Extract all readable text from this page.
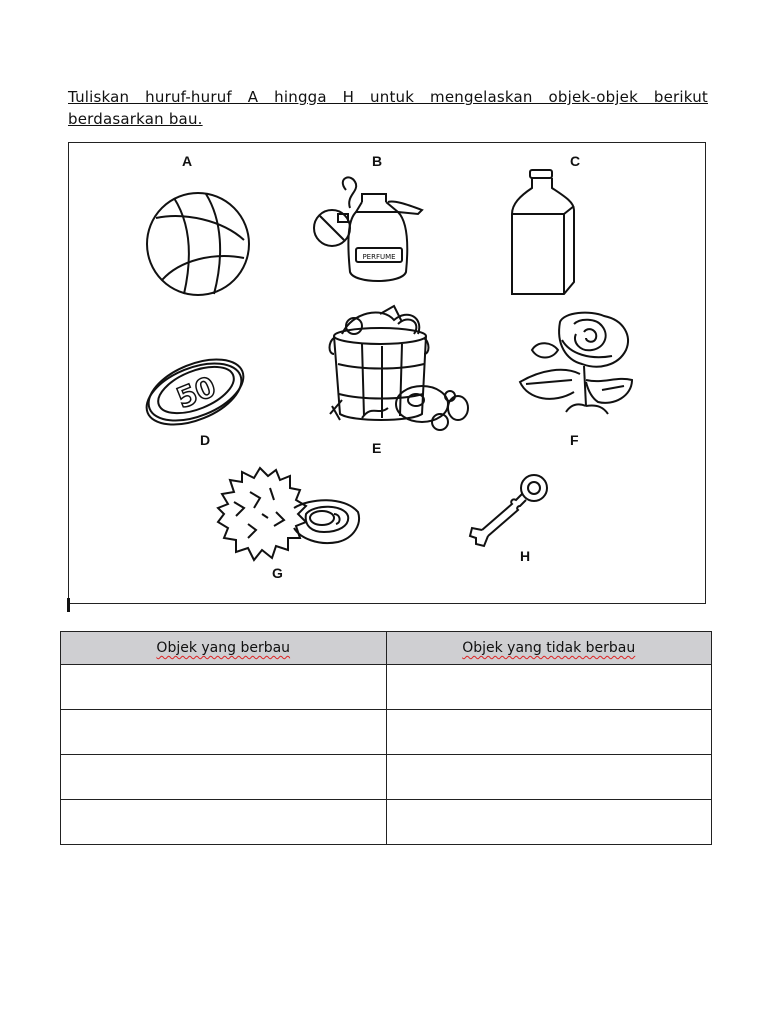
Tuliskan huruf-huruf A hingga H untuk mengelaskan objek-objek berikut berdasarkan bau.
A	B	C
D	E	F
G
H
PERFUME
50
Objek yang berbau	Objek yang tidak berbau
